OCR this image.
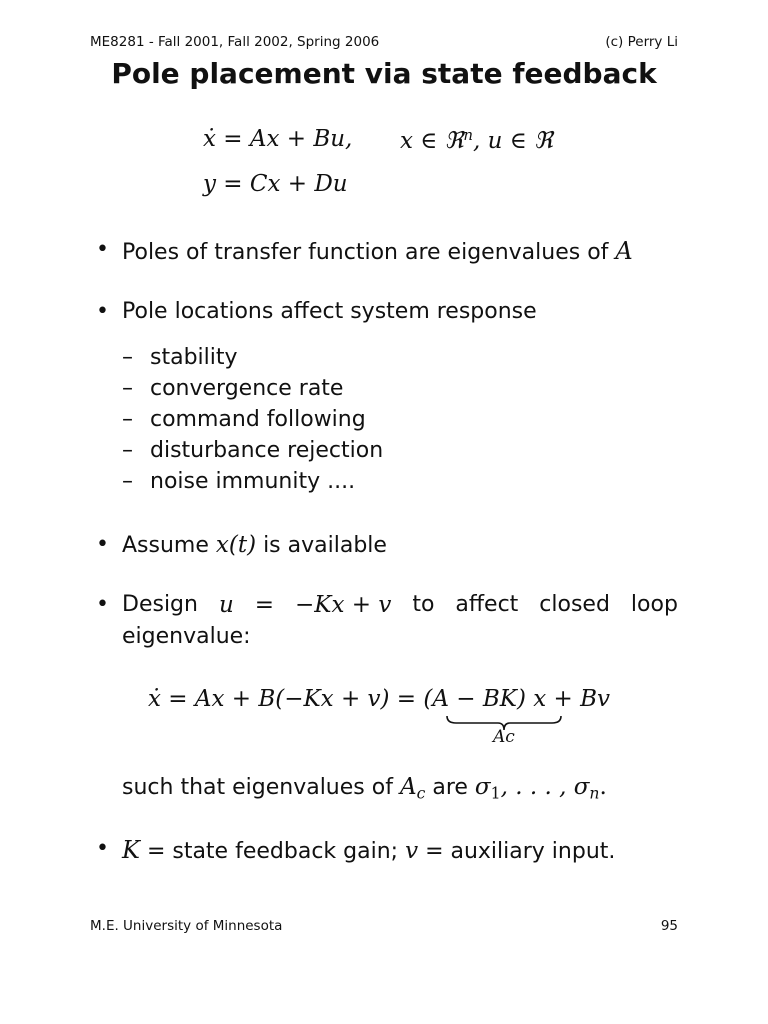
ME8281 - Fall 2001, Fall 2002, Spring 2006	(c) Perry Li
Pole placement via state feedback
ẋ = Ax + Bu, x ∈ ℜ$^n$, u ∈ ℜ
y = Cx + Du
• Poles of transfer function are eigenvalues of A
• Pole locations affect system response
– stability
– convergence rate
– command following
– disturbance rejection
– noise immunity ....
• Assume x(t) is available
• Design u = −Kx + v to affect closed loop
eigenvalue:
ẋ = Ax + B(−Kx + v) = (A − BK) x + Bv
Ac
such that eigenvalues of $A_c$ are $\sigma_1$, . . . , $\sigma_n$.
• K = state feedback gain; v = auxiliary input.
M.E. University of Minnesota	95
